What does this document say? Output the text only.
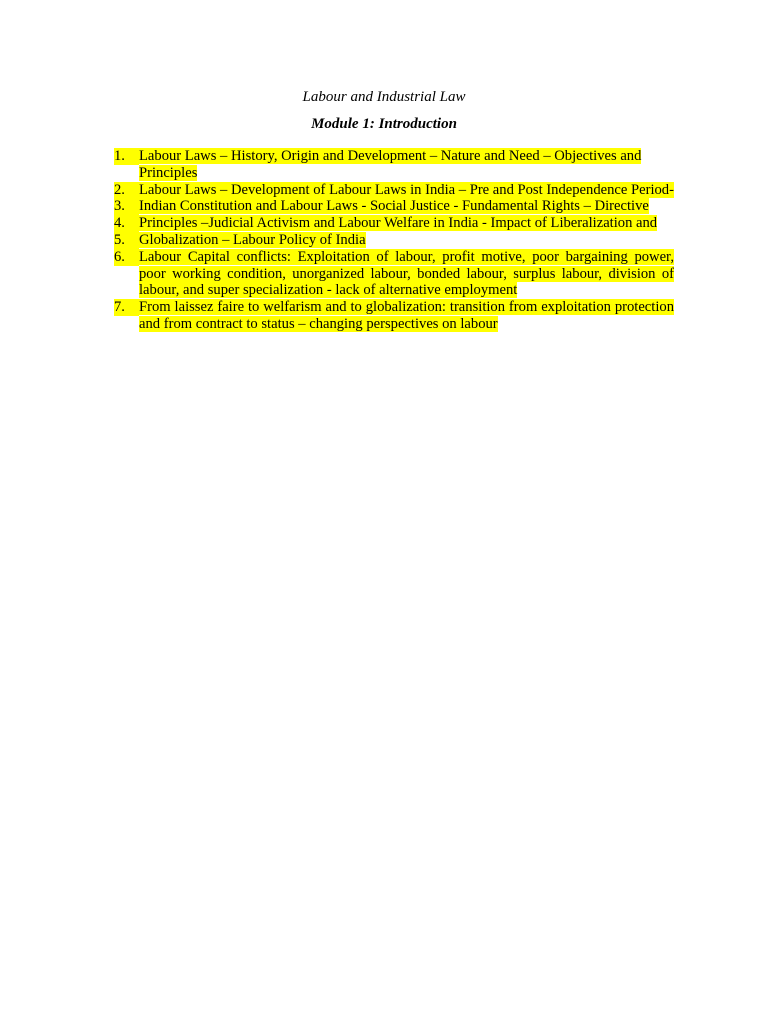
Labour and Industrial Law
Module 1: Introduction
1. Labour Laws – History, Origin and Development – Nature and Need – Objectives and Principles
2. Labour Laws – Development of Labour Laws in India – Pre and Post Independence Period-
3. Indian Constitution and Labour Laws - Social Justice - Fundamental Rights – Directive
4. Principles –Judicial Activism and Labour Welfare in India - Impact of Liberalization and
5. Globalization – Labour Policy of India
6. Labour Capital conflicts: Exploitation of labour, profit motive, poor bargaining power, poor working condition, unorganized labour, bonded labour, surplus labour, division of labour, and super specialization - lack of alternative employment
7. From laissez faire to welfarism and to globalization: transition from exploitation protection and from contract to status – changing perspectives on labour
